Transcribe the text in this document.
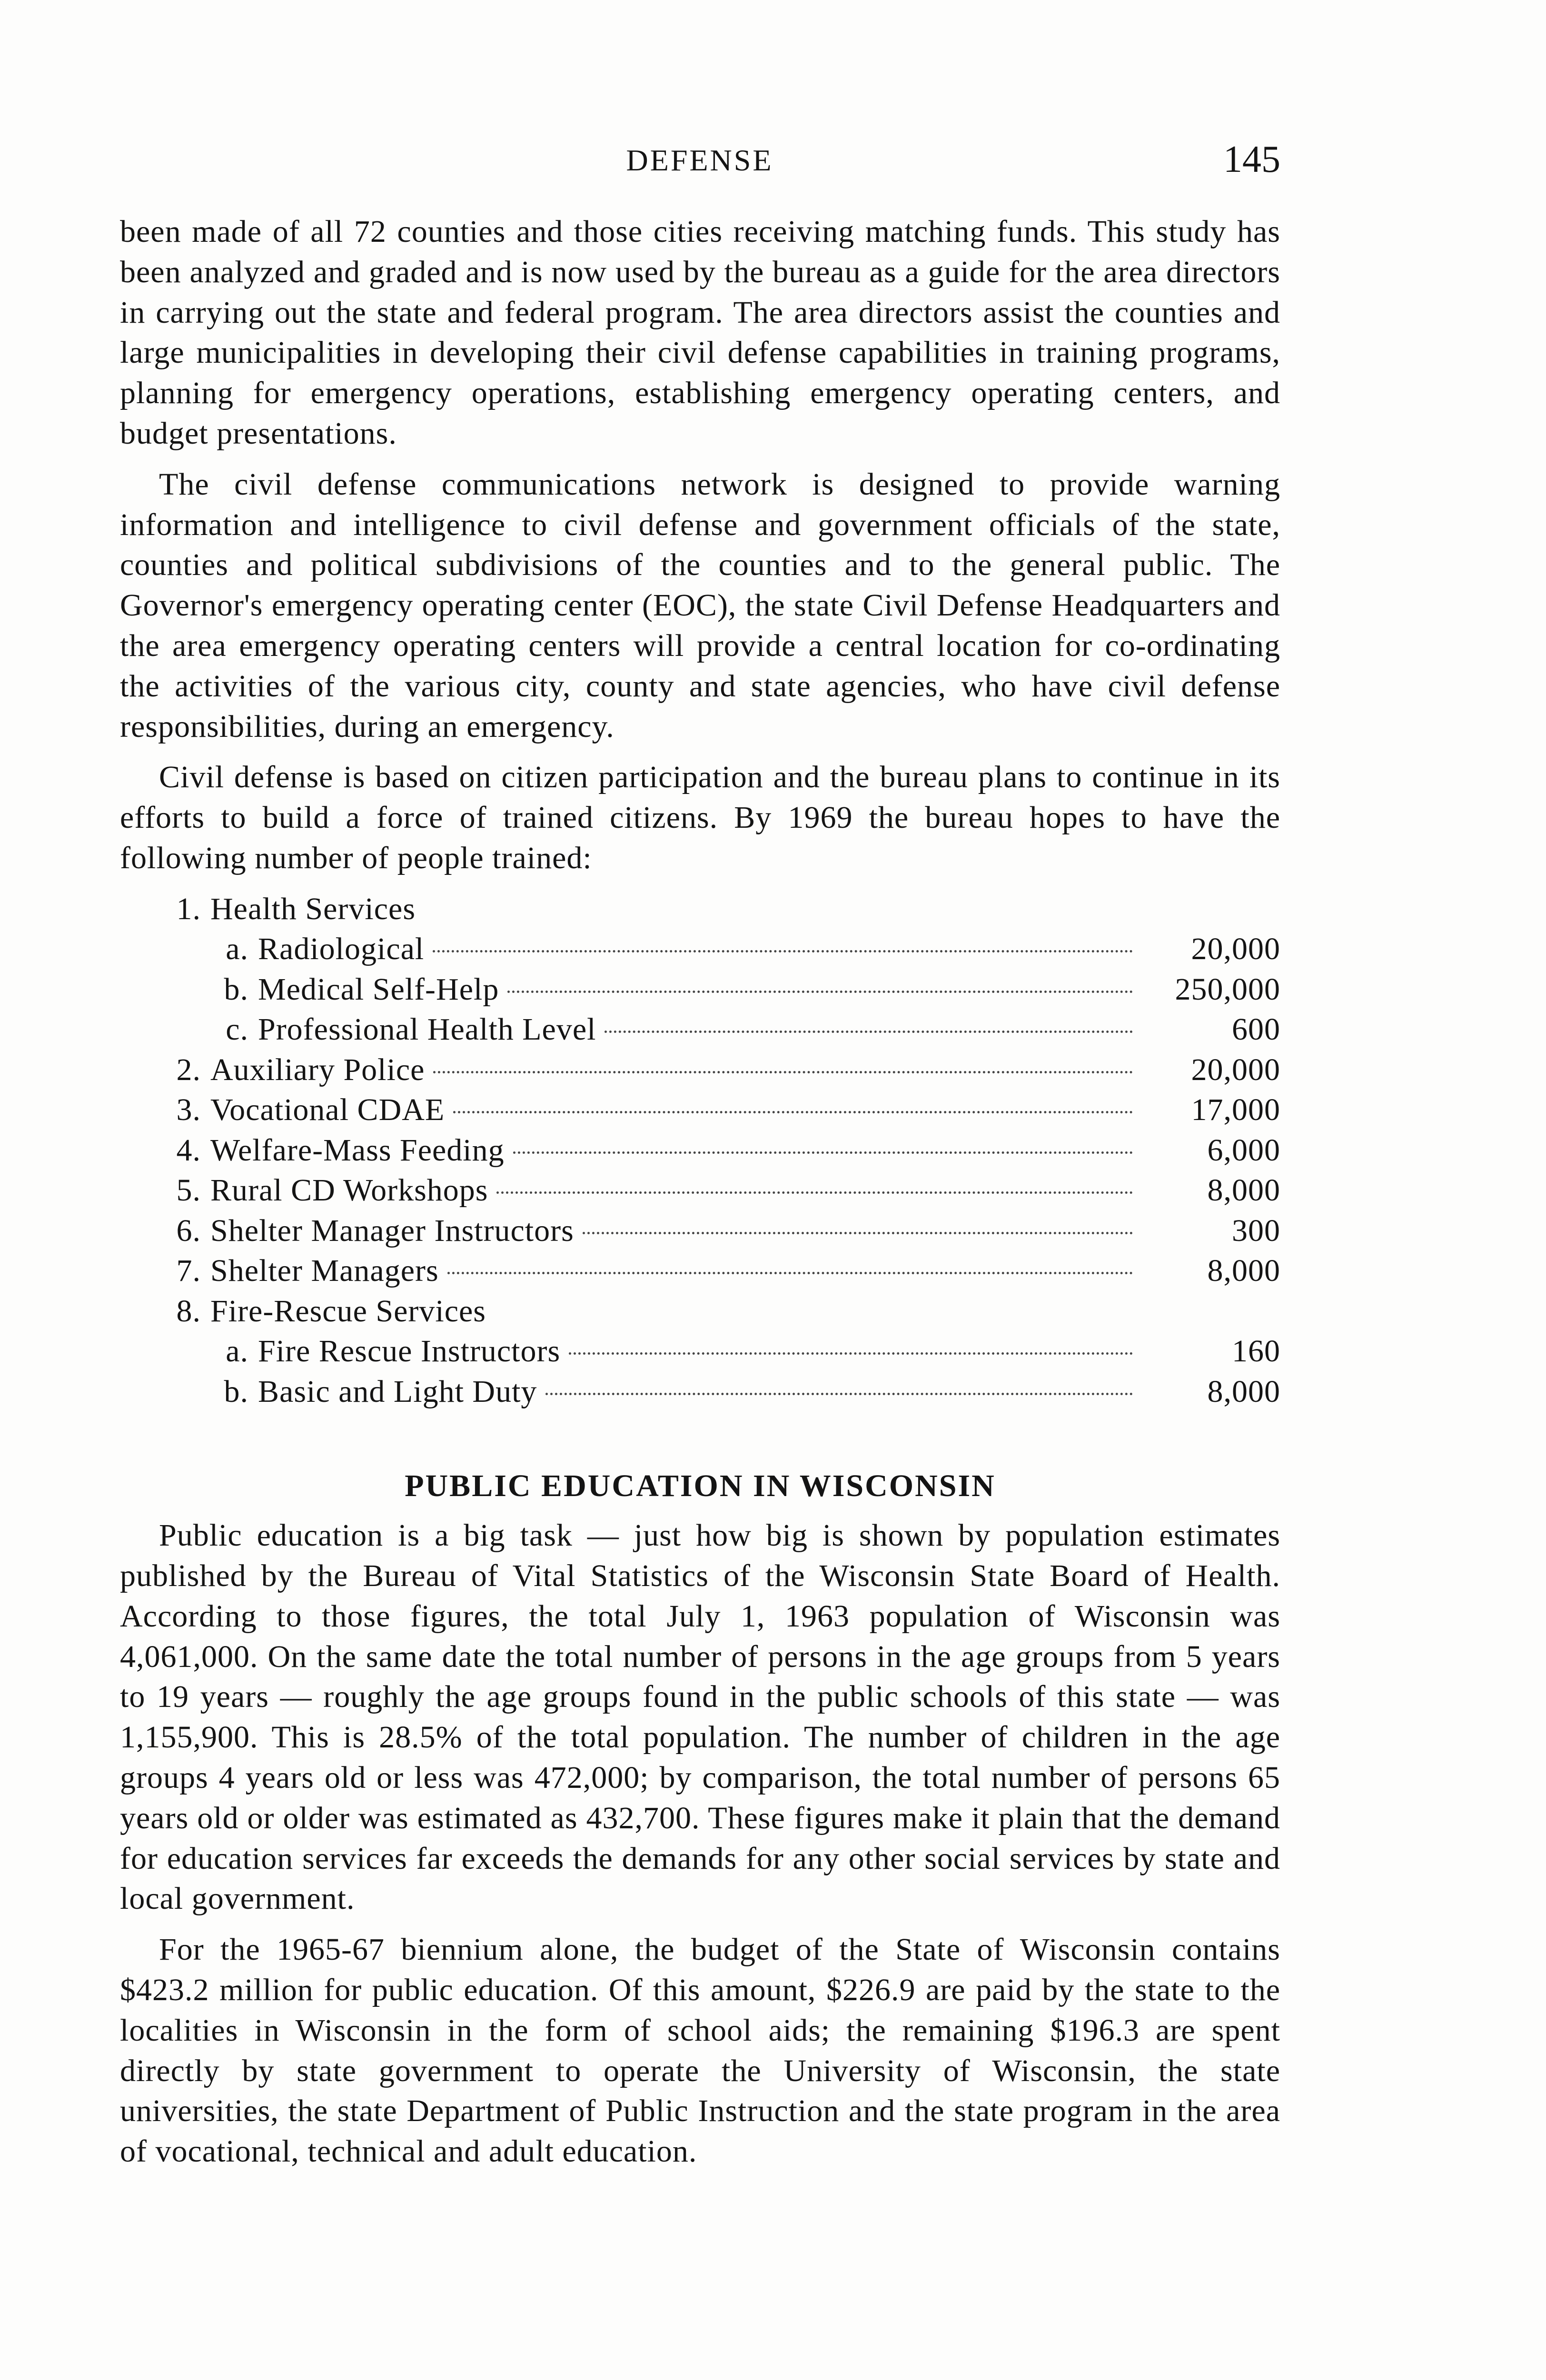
DEFENSE	145

been made of all 72 counties and those cities receiving matching funds. This study has been analyzed and graded and is now used by the bureau as a guide for the area directors in carrying out the state and federal program. The area directors assist the counties and large municipalities in developing their civil defense capabilities in training programs, planning for emergency operations, establishing emergency operating centers, and budget presentations.

The civil defense communications network is designed to provide warning information and intelligence to civil defense and government officials of the state, counties and political subdivisions of the counties and to the general public. The Governor's emergency operating center (EOC), the state Civil Defense Headquarters and the area emergency operating centers will provide a central location for co-ordinating the activities of the various city, county and state agencies, who have civil defense responsibilities, during an emergency.

Civil defense is based on citizen participation and the bureau plans to continue in its efforts to build a force of trained citizens. By 1969 the bureau hopes to have the following number of people trained:

1. Health Services
a. Radiological	20,000
b. Medical Self-Help	250,000
c. Professional Health Level	600
2. Auxiliary Police	20,000
3. Vocational CDAE	17,000
4. Welfare-Mass Feeding	6,000
5. Rural CD Workshops	8,000
6. Shelter Manager Instructors	300
7. Shelter Managers	8,000
8. Fire-Rescue Services
a. Fire Rescue Instructors	160
b. Basic and Light Duty	8,000
PUBLIC EDUCATION IN WISCONSIN

Public education is a big task — just how big is shown by population estimates published by the Bureau of Vital Statistics of the Wisconsin State Board of Health. According to those figures, the total July 1, 1963 population of Wisconsin was 4,061,000. On the same date the total number of persons in the age groups from 5 years to 19 years — roughly the age groups found in the public schools of this state — was 1,155,900. This is 28.5% of the total population. The number of children in the age groups 4 years old or less was 472,000; by comparison, the total number of persons 65 years old or older was estimated as 432,700. These figures make it plain that the demand for education services far exceeds the demands for any other social services by state and local government.

For the 1965-67 biennium alone, the budget of the State of Wisconsin contains $423.2 million for public education. Of this amount, $226.9 are paid by the state to the localities in Wisconsin in the form of school aids; the remaining $196.3 are spent directly by state government to operate the University of Wisconsin, the state universities, the state Department of Public Instruction and the state program in the area of vocational, technical and adult education.
